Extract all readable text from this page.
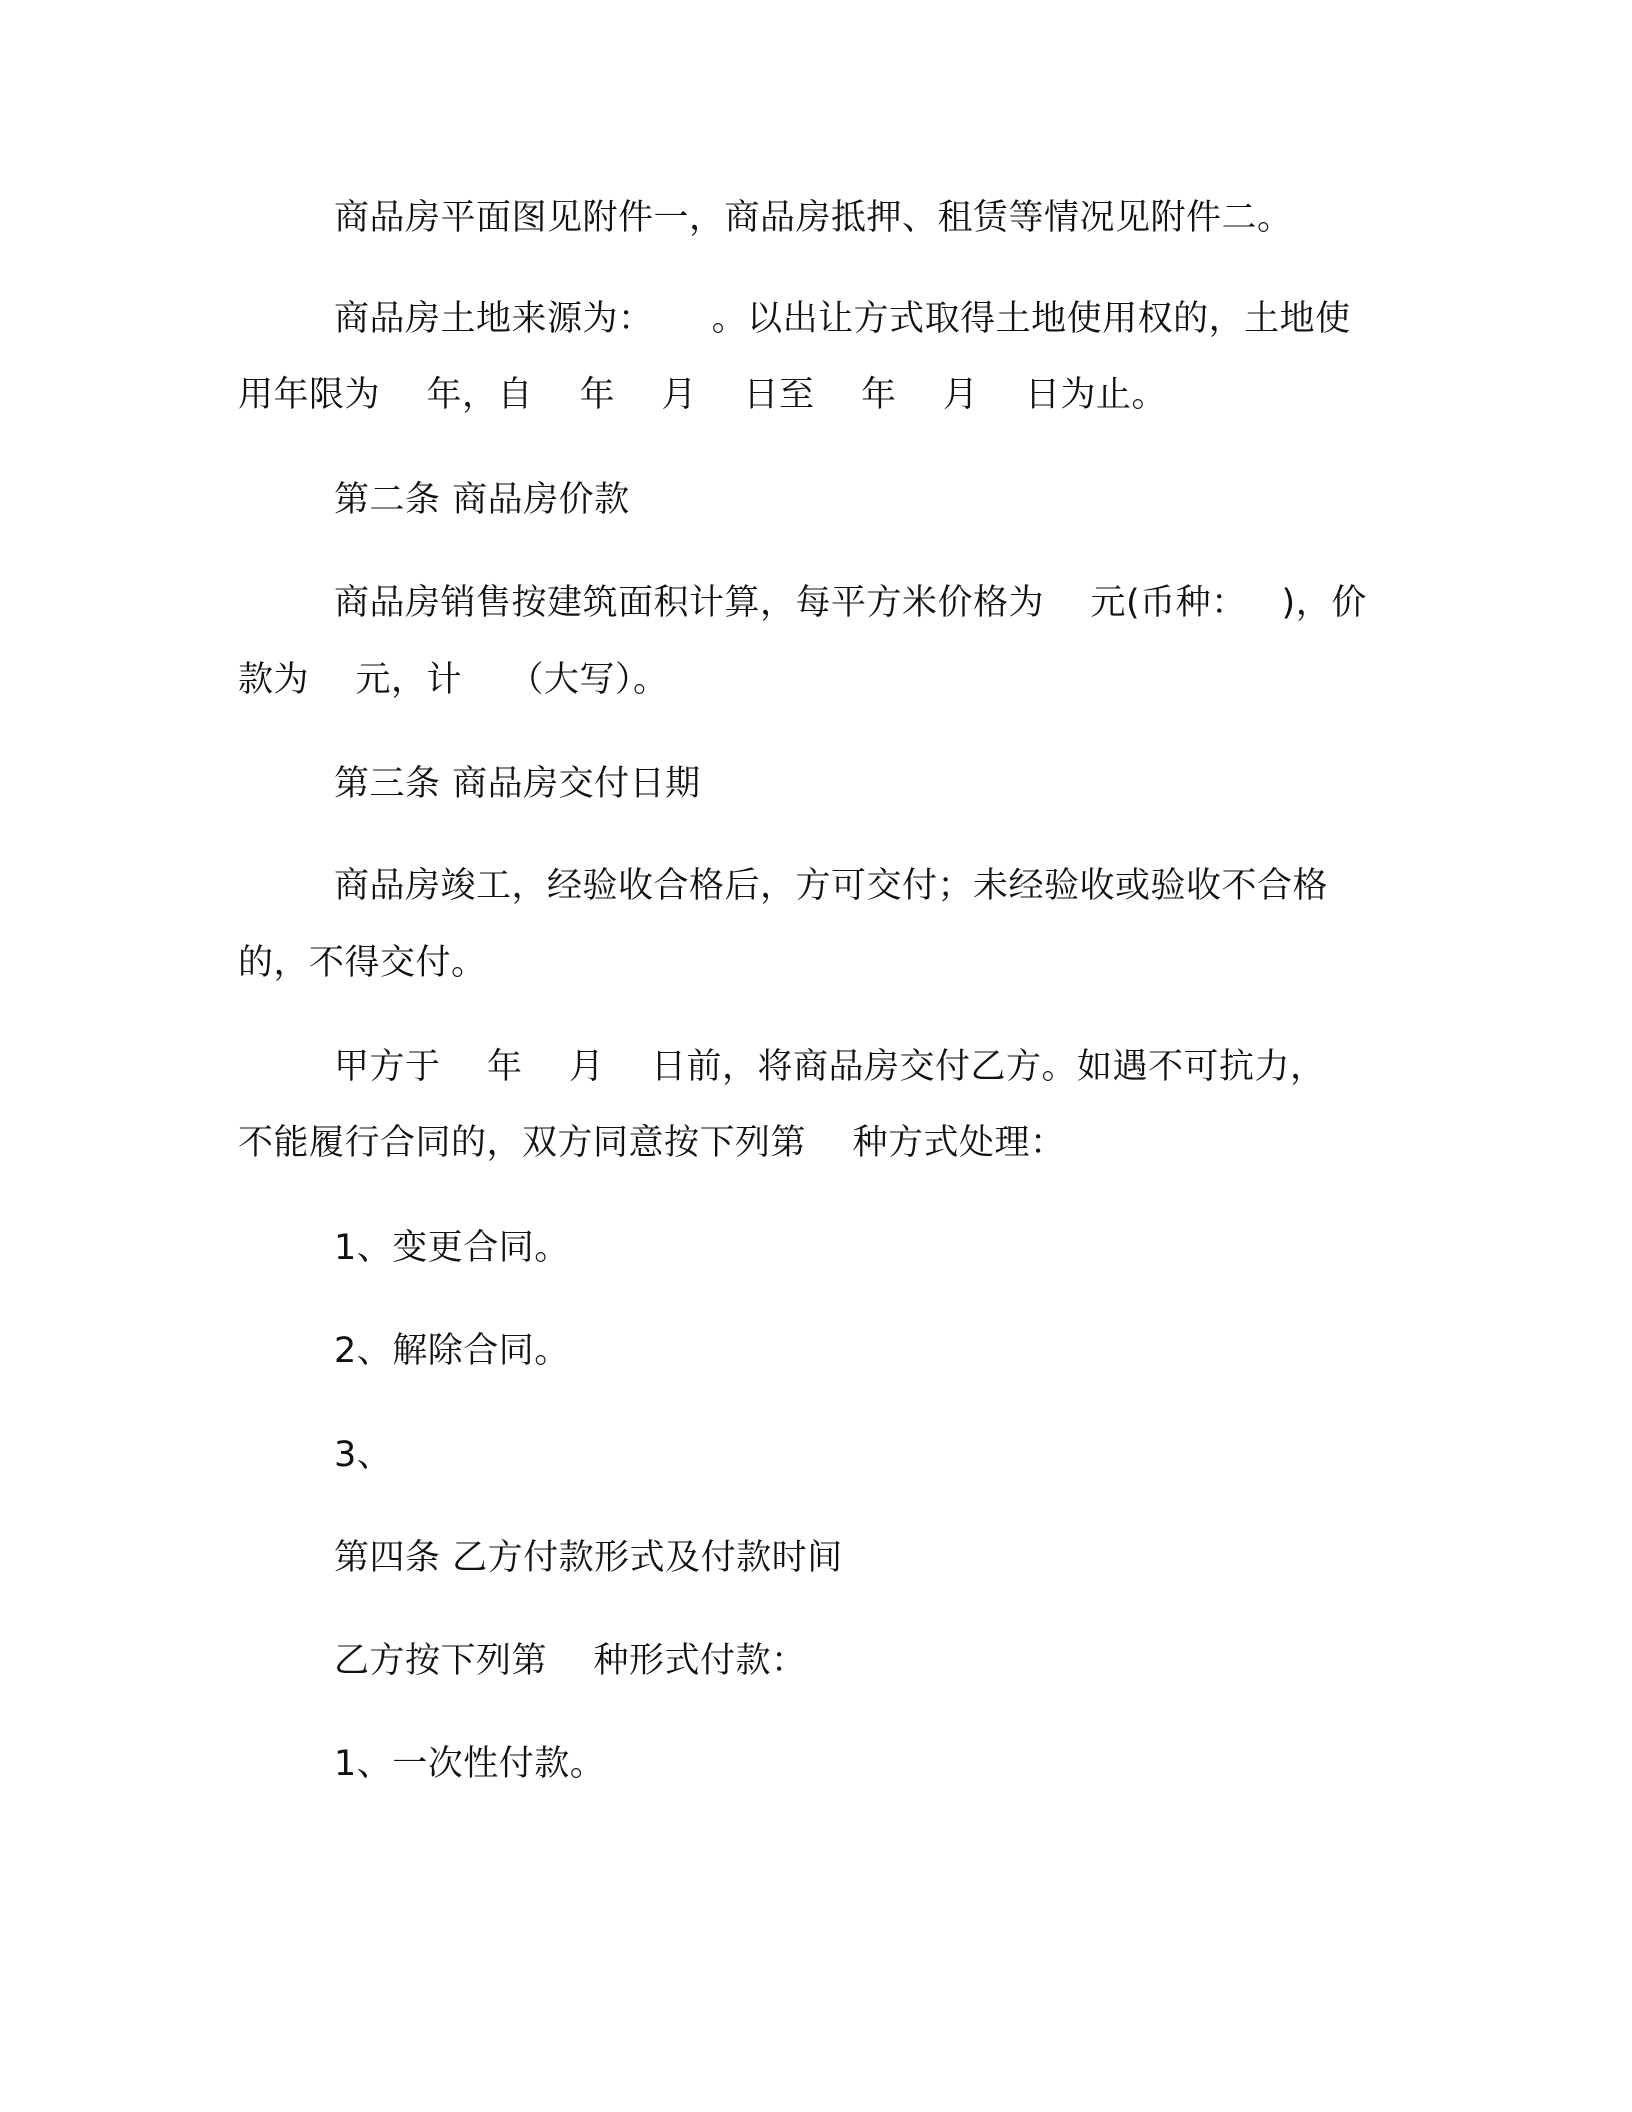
商品房平面图见附件一，商品房抵押、租赁等情况见附件二。
商品房土地来源为：     。以出让方式取得土地使用权的，土地使
用年限为    年，自    年    月    日至    年    月    日为止。
第二条 商品房价款
商品房销售按建筑面积计算，每平方米价格为    元(币种：   )，价
款为    元，计    （大写）。
第三条 商品房交付日期
商品房竣工，经验收合格后，方可交付；未经验收或验收不合格
的，不得交付。
甲方于    年    月    日前，将商品房交付乙方。如遇不可抗力，
不能履行合同的，双方同意按下列第    种方式处理：
1、变更合同。
2、解除合同。
3、
第四条 乙方付款形式及付款时间
乙方按下列第    种形式付款：
1、一次性付款。
